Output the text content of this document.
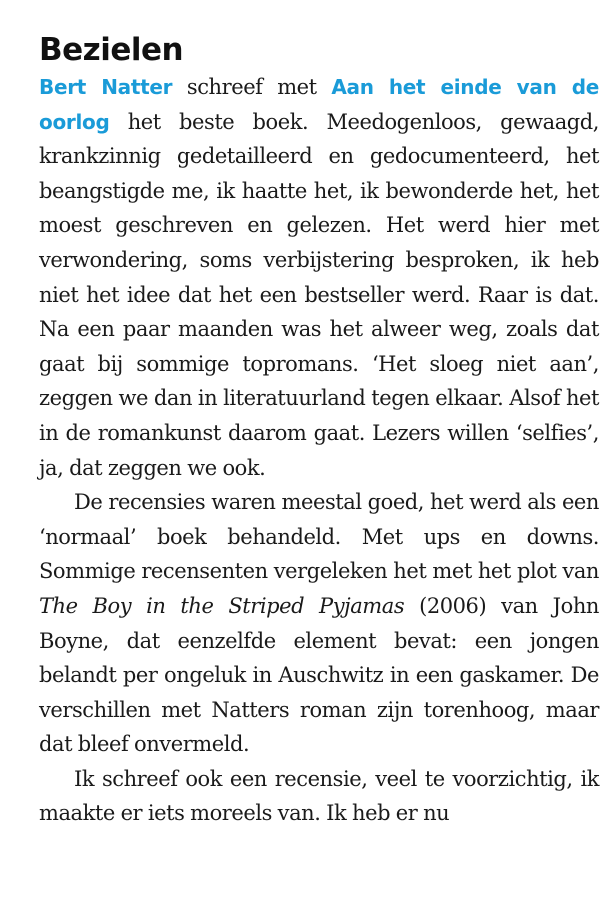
Bezielen

Bert Natter schreef met Aan het einde van de oorlog het beste boek. Meedogenloos, gewaagd, krankzinnig gedetailleerd en gedocumenteerd, het beangstigde me, ik haatte het, ik bewonderde het, het moest geschreven en gelezen. Het werd hier met verwondering, soms verbijstering besproken, ik heb niet het idee dat het een bestseller werd. Raar is dat. Na een paar maanden was het alweer weg, zoals dat gaat bij sommige topromans. ‘Het sloeg niet aan’, zeggen we dan in literatuurland tegen elkaar. Alsof het in de romankunst daarom gaat. Lezers willen ‘selfies’, ja, dat zeggen we ook.

De recensies waren meestal goed, het werd als een ‘normaal’ boek behandeld. Met ups en downs. Sommige recensenten vergeleken het met het plot van The Boy in the Striped Pyjamas (2006) van John Boyne, dat eenzelfde element bevat: een jongen belandt per ongeluk in Auschwitz in een gaskamer. De verschillen met Natters roman zijn torenhoog, maar dat bleef onvermeld.

Ik schreef ook een recensie, veel te voorzichtig, ik maakte er iets moreels van. Ik heb er nu
